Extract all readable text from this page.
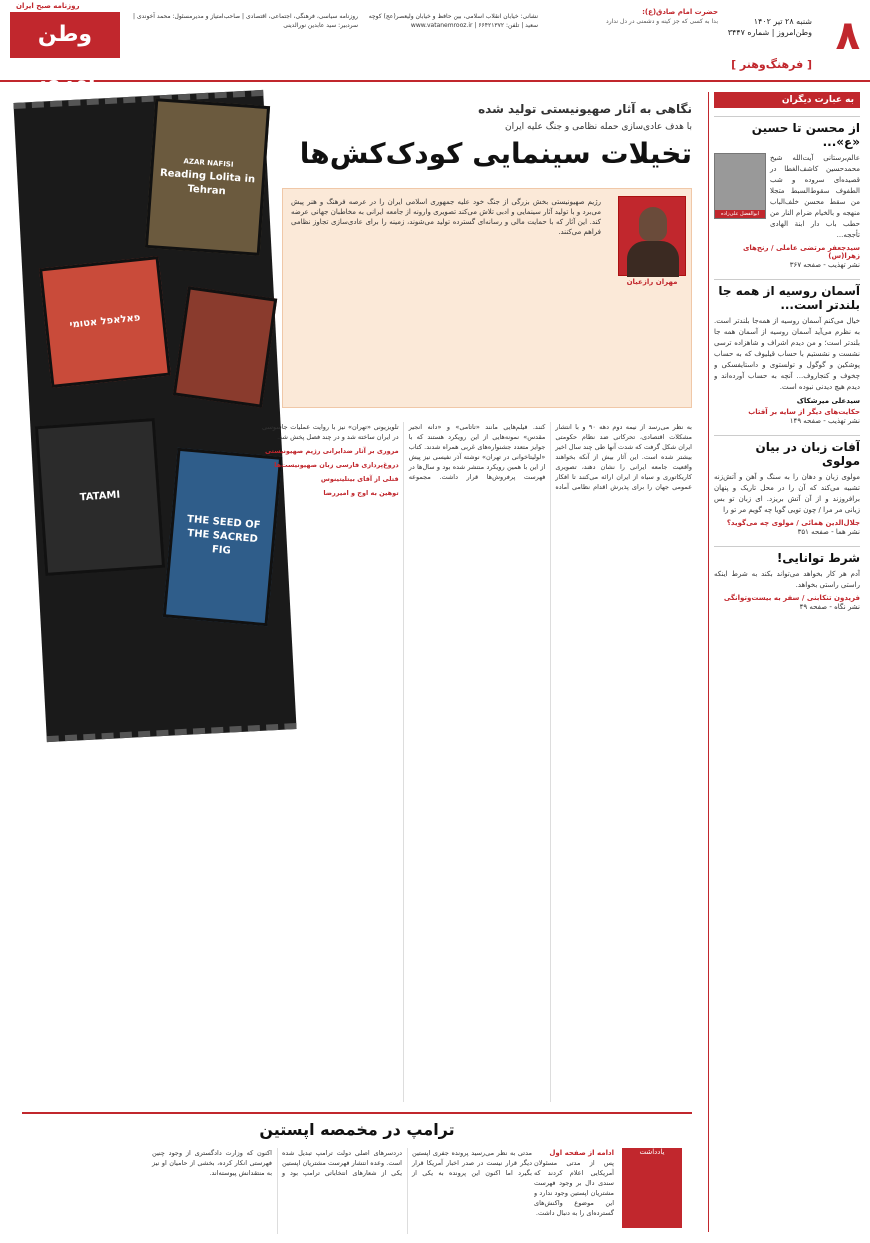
روزنامه صبح ایران
وطن امروز
روزنامه سیاسی، فرهنگی، اجتماعی، اقتصادی | صاحب‌امتیاز و مدیرمسئول: محمد آخوندی | سردبیر: سید عابدین نورالدینی
نشانی: خیابان انقلاب اسلامی، بین حافظ و خیابان ولیعصر(عج) کوچه سعید | تلفن: ۶۶۴۲۱۳۷۲ | www.vatanemrooz.ir
حضرت امام صادق(ع):
بدا به کسی که جز کینه و دشمنی در دل ندارد	۸
شنبه ۲۸ تیر ۱۴۰۲
وطن‌امروز | شماره ۳۴۴۷
[ فرهنگ‌وهنر ]
به عبارت دیگران
از محسن تا حسین «ع»...
ابوالفضل علی‌زاده
عالم‌برستانی آیت‌الله شیخ محمدحسین کاشف‌الغطا در قصیده‌ای سروده و شب الطفوف سقوط‌السبط متجلا من سقط محسن خلف‌الباب منهجه و بالخیام ضرام النار من حطب باب دار ابنة الهادی تأججه...
سیدجعفر مرتضی عاملی / رنج‌های زهرا(س)
نشر تهذیب - صفحه ۳۶۷
آسمان روسیه از همه جا بلندتر است...
خیال می‌کنم آسمان روسیه از همه‌جا بلندتر است. به نظرم می‌آید آسمان روسیه از آسمان همه جا بلندتر است؛ و من دیدم اشراف و شاهزاده ترسی نشست و نشستیم با حساب قیلیوف که به حساب پوشکین و گوگول و تولستوی و داستایفسکی و چخوف و کنجاروف... آنچه به حساب آورده‌اند و دیدم هیچ دیدنی نبوده است.
سیدعلی میرشکاک
حکایت‌های دیگر از سایه بر آفتاب
نشر تهذیب - صفحه ۱۴۹
آفات زبان در بیان مولوی
مولوی زبان و دهان را به سنگ و آهن و آتش‌زنه تشبیه می‌کند که آن را در محل تاریک و پنهان برافروزند و از آن آتش بریزد. ای زبان تو بس زیانی مر مرا / چون تویی گویا چه گویم مر تو را
جلال‌الدین همائی / مولوی چه می‌گوید؟
نشر هما - صفحه ۳۵۱
شرط توانایی!
آدم هر کار بخواهد می‌تواند بکند به شرط اینکه راستی راستی بخواهد.
فریدون تنکابنی / سفر به بیست‌وتوانگی
نشر نگاه - صفحه ۴۹
نگاهی به آثار صهیونیستی تولید شده
با هدف عادی‌سازی حمله نظامی و جنگ علیه ایران
تخیلات سینمایی کودک‌کش‌ها
رژیم صهیونیستی بخش بزرگی از جنگ خود علیه جمهوری اسلامی ایران را در عرصه فرهنگ و هنر پیش می‌برد و با تولید آثار سینمایی و ادبی تلاش می‌کند تصویری وارونه از جامعه ایرانی به مخاطبان جهانی عرضه کند. این آثار که با حمایت مالی و رسانه‌ای گسترده تولید می‌شوند، زمینه را برای عادی‌سازی تجاوز نظامی فراهم می‌کنند.
مهران رازعیان
AZAR NAFISI
Reading Lolita in Tehran
פאלאפל אטומי
TATAMI
THE SEED OF THE SACRED FIG
به نظر می‌رسد از نیمه دوم دهه ۹۰ و با انتشار مشکلات اقتصادی، تحرکاتی ضد نظام حکومتی ایران شکل گرفت که شدت آنها طی چند سال اخیر بیشتر شده است. این آثار بیش از آنکه بخواهند واقعیت جامعه ایرانی را نشان دهند، تصویری کاریکاتوری و سیاه از ایران ارائه می‌کنند تا افکار عمومی جهان را برای پذیرش اقدام نظامی آماده کنند. فیلم‌هایی مانند «تاتامی» و «دانه انجیر مقدس» نمونه‌هایی از این رویکرد هستند که با جوایز متعدد جشنواره‌های غربی همراه شدند. کتاب «لولیتاخوانی در تهران» نوشته آذر نفیسی نیز پیش از این با همین رویکرد منتشر شده بود و سال‌ها در فهرست پرفروش‌ها قرار داشت. مجموعه تلویزیونی «تهران» نیز با روایت عملیات جاسوسی در ایران ساخته شد و در چند فصل پخش شد.
مروری بر آثار ضدایرانی رژیم صهیونیستی
دروغ‌پردازی فارسی زبان صهیونیست‌ها
قتلی از آقای بیتلیتینوس
توهین به اوج و امیررضا
ترامپ در مخمصه اپستین
یادداشت
ادامه از صفحه اول
پس از مدتی مسئولان آمریکایی اعلام کردند که سندی دال بر وجود فهرست مشتریان اپستین وجود ندارد و این موضوع واکنش‌های گسترده‌ای را به دنبال داشت.
مدتی به نظر می‌رسید پرونده جفری اپستین دیگر قرار نیست در صدر اخبار آمریکا قرار بگیرد اما اکنون این پرونده به یکی از دردسرهای اصلی دولت ترامپ تبدیل شده است. وعده انتشار فهرست مشتریان اپستین یکی از شعارهای انتخاباتی ترامپ بود و اکنون که وزارت دادگستری از وجود چنین فهرستی انکار کرده، بخشی از حامیان او نیز به منتقدانش پیوسته‌اند.
